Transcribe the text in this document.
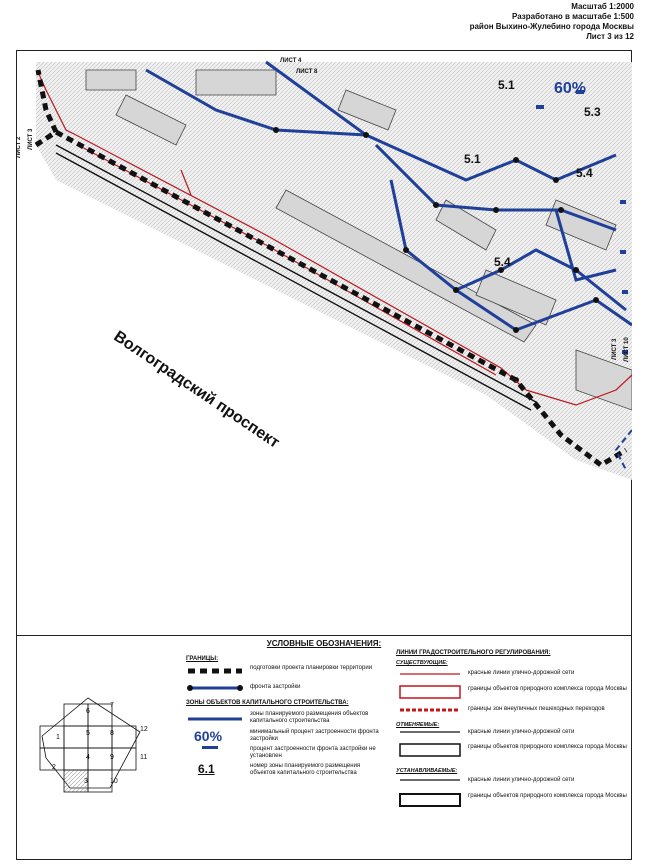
Масштаб 1:2000
Разработано в масштабе 1:500
район Выхино-Жулебино города Москвы
Лист 3 из 12
ЛИСТ 4
ЛИСТ 8
ЛИСТ 2 ЛИСТ 3
ЛИСТ 3 ЛИСТ 10
5.1
5.1
5.3
5.4
5.4
60%
Волгоградский проспект
УСЛОВНЫЕ ОБОЗНАЧЕНИЯ:
6
7
1
5	8
12
2
4	9	11
3	10
ГРАНИЦЫ:
подготовки проекта планировки территории
фронта застройки
ЗОНЫ ОБЪЕКТОВ КАПИТАЛЬНОГО СТРОИТЕЛЬСТВА:
зоны планируемого размещения объектов капитального строительства
60%	минимальный процент застроенности фронта застройки
процент застроенности фронта застройки не установлен
6.1	номер зоны планируемого размещения объектов капитального строительства
ЛИНИИ ГРАДОСТРОИТЕЛЬНОГО РЕГУЛИРОВАНИЯ:
СУЩЕСТВУЮЩИЕ:
красные линии улично-дорожной сети
границы объектов природного комплекса города Москвы
границы зон внеуличных пешеходных переходов
ОТМЕНЯЕМЫЕ:
красные линии улично-дорожной сети
границы объектов природного комплекса города Москвы
УСТАНАВЛИВАЕМЫЕ:
красные линии улично-дорожной сети
границы объектов природного комплекса города Москвы
